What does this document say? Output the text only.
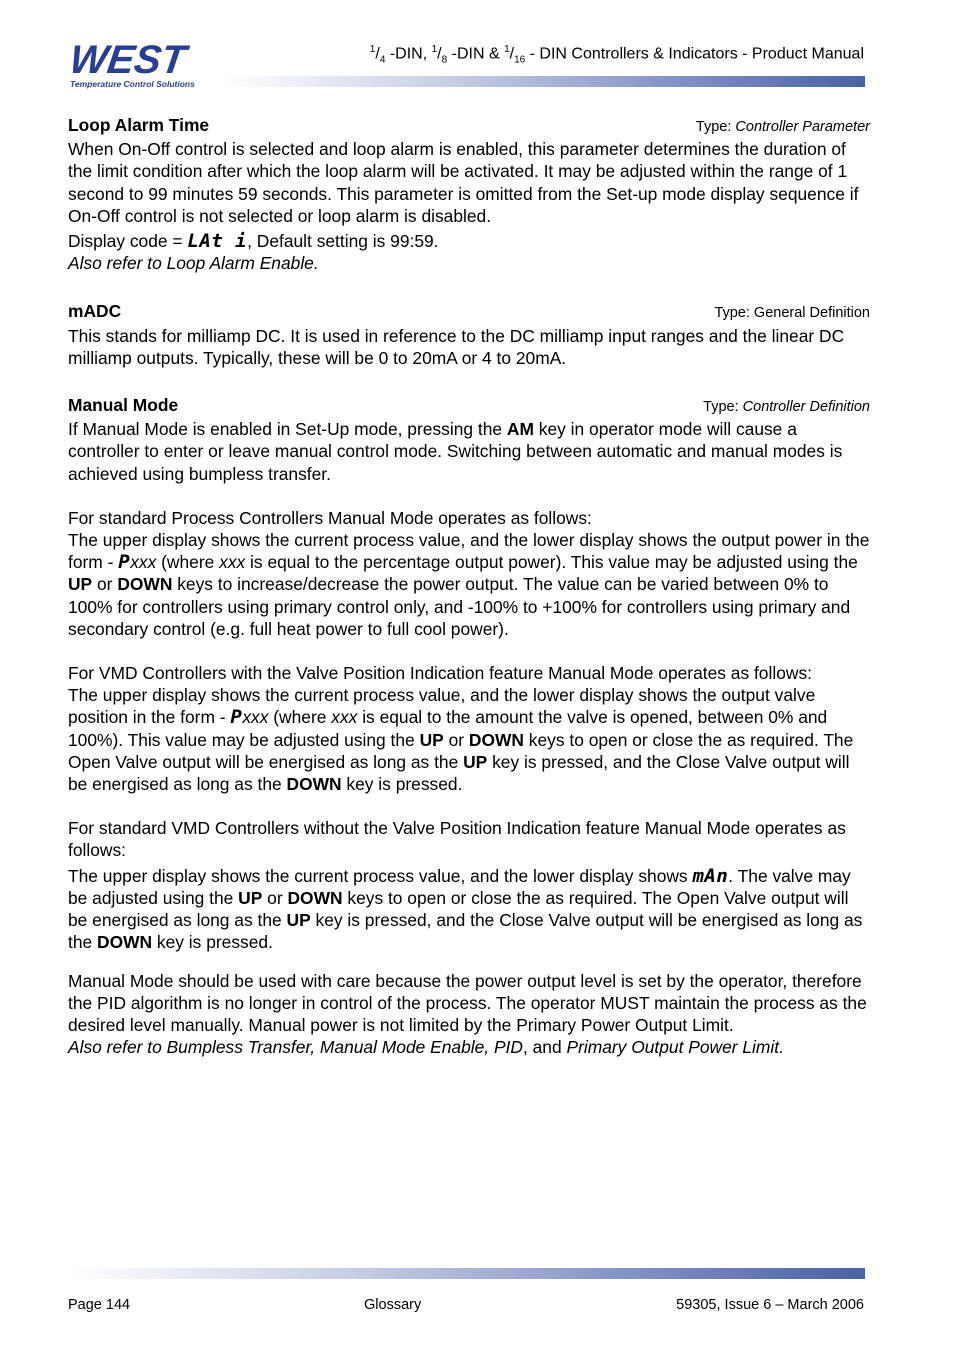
WEST
Temperature Control Solutions
$^1/_4$ -DIN, $^1/_8$ -DIN & $^1/_{16}$ - DIN Controllers & Indicators - Product Manual
Loop Alarm Time	Type: Controller Parameter

When On-Off control is selected and loop alarm is enabled, this parameter determines the duration of the limit condition after which the loop alarm will be activated. It may be adjusted within the range of 1 second to 99 minutes 59 seconds. This parameter is omitted from the Set-up mode display sequence if On-Off control is not selected or loop alarm is disabled.

Display code = LAt i, Default setting is 99:59.

Also refer to Loop Alarm Enable.

mADC	Type: General Definition

This stands for milliamp DC. It is used in reference to the DC milliamp input ranges and the linear DC milliamp outputs. Typically, these will be 0 to 20mA or 4 to 20mA.

Manual Mode	Type: Controller Definition

If Manual Mode is enabled in Set-Up mode, pressing the AM key in operator mode will cause a controller to enter or leave manual control mode. Switching between automatic and manual modes is achieved using bumpless transfer.

For standard Process Controllers Manual Mode operates as follows:

The upper display shows the current process value, and the lower display shows the output power in the form - Pxxx (where xxx is equal to the percentage output power). This value may be adjusted using the UP or DOWN keys to increase/decrease the power output. The value can be varied between 0% to 100% for controllers using primary control only, and -100% to +100% for controllers using primary and secondary control (e.g. full heat power to full cool power).

For VMD Controllers with the Valve Position Indication feature Manual Mode operates as follows:

The upper display shows the current process value, and the lower display shows the output valve position in the form - Pxxx (where xxx is equal to the amount the valve is opened, between 0% and 100%). This value may be adjusted using the UP or DOWN keys to open or close the as required. The Open Valve output will be energised as long as the UP key is pressed, and the Close Valve output will be energised as long as the DOWN key is pressed.

For standard VMD Controllers without the Valve Position Indication feature Manual Mode operates as follows:

The upper display shows the current process value, and the lower display shows mAn. The valve may be adjusted using the UP or DOWN keys to open or close the as required. The Open Valve output will be energised as long as the UP key is pressed, and the Close Valve output will be energised as long as the DOWN key is pressed.

Manual Mode should be used with care because the power output level is set by the operator, therefore the PID algorithm is no longer in control of the process. The operator MUST maintain the process as the desired level manually. Manual power is not limited by the Primary Power Output Limit.

Also refer to Bumpless Transfer, Manual Mode Enable, PID, and Primary Output Power Limit.

Page 144	Glossary	59305, Issue 6 – March 2006
